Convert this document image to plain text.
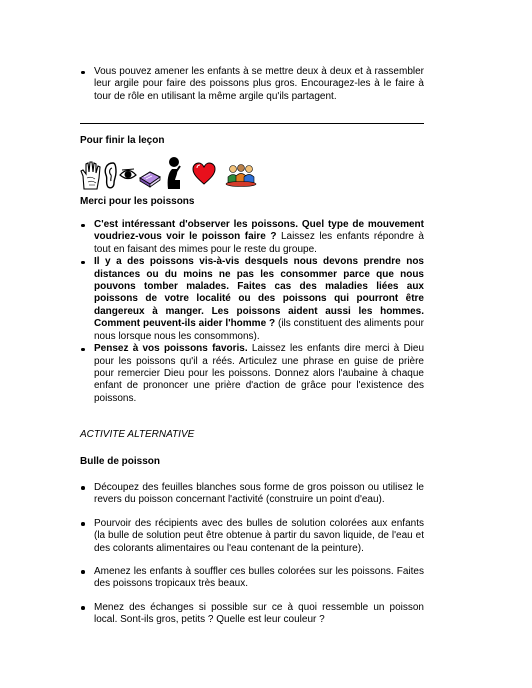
Vous pouvez amener les enfants à se mettre deux à deux et à rassembler leur argile pour faire des poissons plus gros. Encouragez-les à le faire à tour de rôle en utilisant la même argile qu'ils partagent.
Pour finir la leçon
Merci pour les poissons
C'est intéressant d'observer les poissons. Quel type de mouvement voudriez-vous voir le poisson faire ? Laissez les enfants répondre à tout en faisant des mimes pour le reste du groupe.
Il y a des poissons vis-à-vis desquels nous devons prendre nos distances ou du moins ne pas les consommer parce que nous pouvons tomber malades. Faites cas des maladies liées aux poissons de votre localité ou des poissons qui pourront être dangereux à manger. Les poissons aident aussi les hommes. Comment peuvent-ils aider l'homme ? (ils constituent des aliments pour nous lorsque nous les consommons).
Pensez à vos poissons favoris. Laissez les enfants dire merci à Dieu pour les poissons qu'il a réés. Articulez une phrase en guise de prière pour remercier Dieu pour les poissons. Donnez alors l'aubaine à chaque enfant de prononcer une prière d'action de grâce pour l'existence des poissons.
ACTIVITE ALTERNATIVE
Bulle de poisson
Découpez des feuilles blanches sous forme de gros poisson ou utilisez le revers du poisson concernant l'activité (construire un point d'eau).
Pourvoir des récipients avec des bulles de solution colorées aux enfants (la bulle de solution peut être obtenue à partir du savon liquide, de l'eau et des colorants alimentaires ou l'eau contenant de la peinture).
Amenez les enfants à souffler ces bulles colorées sur les poissons. Faites des poissons tropicaux très beaux.
Menez des échanges si possible sur ce à quoi ressemble un poisson local. Sont-ils gros, petits ? Quelle est leur couleur ?
